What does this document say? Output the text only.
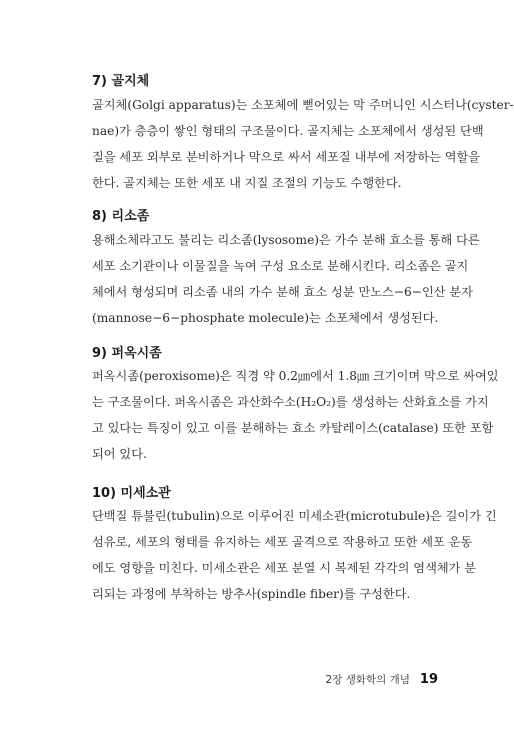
7) 골지체
골지체(Golgi apparatus)는 소포체에 뻗어있는 막 주머니인 시스터나(cyster-
nae)가 층층이 쌓인 형태의 구조물이다. 골지체는 소포체에서 생성된 단백
질을 세포 외부로 분비하거나 막으로 싸서 세포질 내부에 저장하는 역할을
한다. 골지체는 또한 세포 내 지질 조절의 기능도 수행한다.
8) 리소좀
용해소체라고도 불리는 리소좀(lysosome)은 가수 분해 효소를 통해 다른
세포 소기관이나 이물질을 녹여 구성 요소로 분해시킨다. 리소좀은 골지
체에서 형성되며 리소좀 내의 가수 분해 효소 성분 만노스−6−인산 분자
(mannose−6−phosphate molecule)는 소포체에서 생성된다.
9) 퍼옥시좀
퍼옥시좀(peroxisome)은 직경 약 0.2㎛에서 1.8㎛ 크기이며 막으로 싸여있
는 구조물이다. 퍼옥시좀은 과산화수소(H₂O₂)를 생성하는 산화효소를 가지
고 있다는 특징이 있고 이를 분해하는 효소 카탈레이스(catalase) 또한 포함
되어 있다.
10) 미세소관
단백질 튜불린(tubulin)으로 이루어진 미세소관(microtubule)은 길이가 긴
섬유로, 세포의 형태를 유지하는 세포 골격으로 작용하고 또한 세포 운동
에도 영향을 미친다. 미세소관은 세포 분열 시 복제된 각각의 염색체가 분
리되는 과정에 부착하는 방추사(spindle fiber)를 구성한다.
2장 생화학의 개념 19
